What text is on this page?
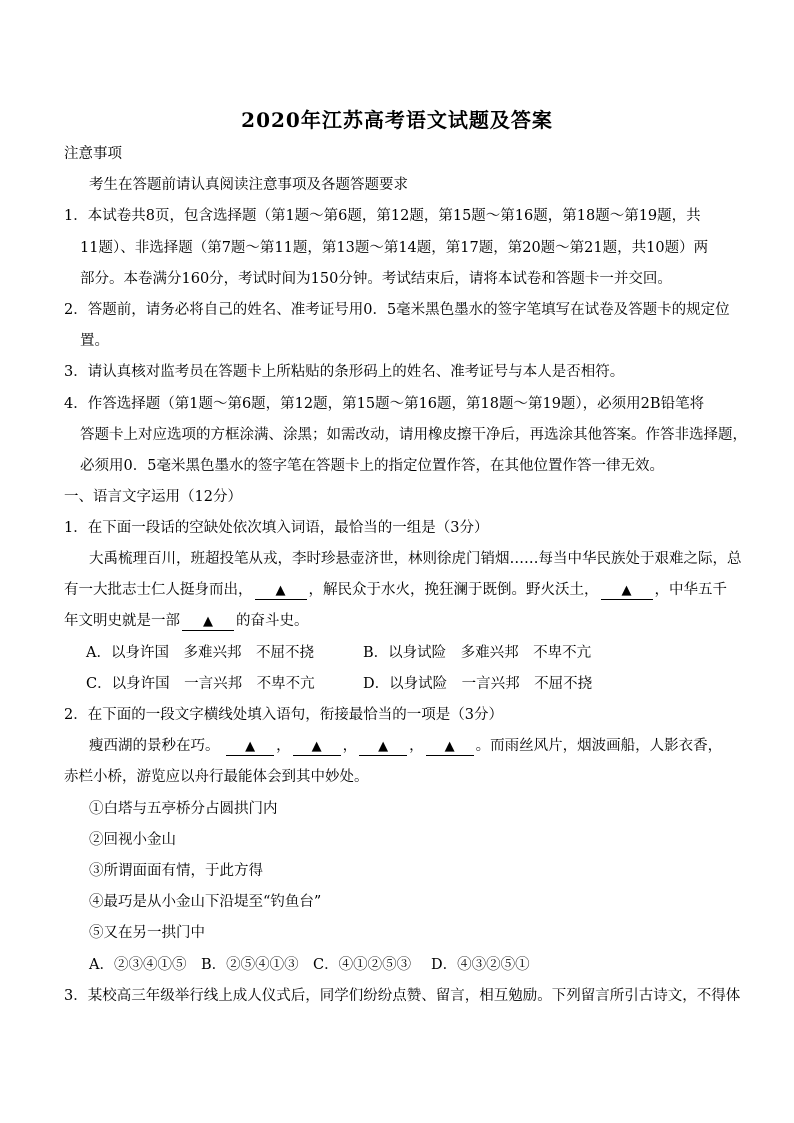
2020年江苏高考语文试题及答案
注意事项
考生在答题前请认真阅读注意事项及各题答题要求
1．本试卷共8页，包含选择题（第1题～第6题，第12题，第15题～第16题，第18题～第19题，共
11题）、非选择题（第7题～第11题，第13题～第14题，第17题，第20题～第21题，共10题）两
部分。本卷满分160分，考试时间为150分钟。考试结束后，请将本试卷和答题卡一并交回。
2．答题前，请务必将自己的姓名、准考证号用0．5毫米黑色墨水的签字笔填写在试卷及答题卡的规定位
置。
3．请认真核对监考员在答题卡上所粘贴的条形码上的姓名、准考证号与本人是否相符。
4．作答选择题（第1题～第6题，第12题，第15题～第16题，第18题～第19题），必须用2B铅笔将
答题卡上对应选项的方框涂满、涂黑；如需改动，请用橡皮擦干净后，再选涂其他答案。作答非选择题，
必须用0．5毫米黑色墨水的签字笔在答题卡上的指定位置作答，在其他位置作答一律无效。
一、语言文字运用（12分）
1．在下面一段话的空缺处依次填入词语，最恰当的一组是（3分）
大禹梳理百川，班超投笔从戎，李时珍悬壶济世，林则徐虎门销烟……每当中华民族处于艰难之际，总
有一大批志士仁人挺身而出， ▲ ，解民众于水火，挽狂澜于既倒。野火沃土， ▲ ，中华五千
年文明史就是一部 ▲ 的奋斗史。
A．以身许国　多难兴邦　不屈不挠	B．以身试险　多难兴邦　不卑不亢
C．以身许国　一言兴邦　不卑不亢	D．以身试险　一言兴邦　不屈不挠
2．在下面的一段文字横线处填入语句，衔接最恰当的一项是（3分）
瘦西湖的景秒在巧。 ▲ ， ▲ ， ▲ ， ▲ 。而雨丝风片，烟波画船，人影衣香，
赤栏小桥，游览应以舟行最能体会到其中妙处。
①白塔与五亭桥分占圆拱门内
②回视小金山
③所谓面面有情，于此方得
④最巧是从小金山下沿堤至“钓鱼台”
⑤又在另一拱门中
A．②③④①⑤ B．②⑤④①③ C．④①②⑤③ D．④③②⑤①
3．某校高三年级举行线上成人仪式后，同学们纷纷点赞、留言，相互勉励。下列留言所引古诗文，不得体
